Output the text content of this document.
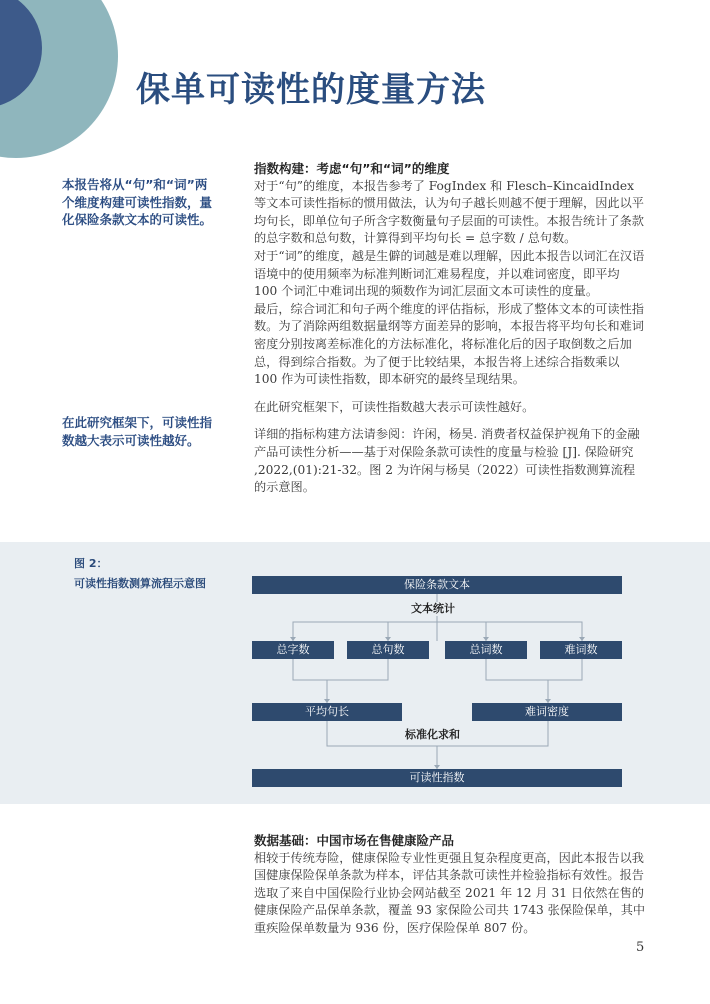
保单可读性的度量方法
本报告将从“句”和“词”两个维度构建可读性指数，量化保险条款文本的可读性。
在此研究框架下，可读性指数越大表示可读性越好。

指数构建：考虑“句”和“词”的维度

对于“句”的维度，本报告参考了 FogIndex 和 Flesch–KincaidIndex 等文本可读性指标的惯用做法，认为句子越长则越不便于理解，因此以平均句长，即单位句子所含字数衡量句子层面的可读性。本报告统计了条款的总字数和总句数，计算得到平均句长 = 总字数 / 总句数。

对于“词”的维度，越是生僻的词越是难以理解，因此本报告以词汇在汉语语境中的使用频率为标准判断词汇难易程度，并以难词密度，即平均 100 个词汇中难词出现的频数作为词汇层面文本可读性的度量。

最后，综合词汇和句子两个维度的评估指标，形成了整体文本的可读性指数。为了消除两组数据量纲等方面差异的影响，本报告将平均句长和难词密度分别按离差标准化的方法标准化，将标准化后的因子取倒数之后加总，得到综合指数。为了便于比较结果，本报告将上述综合指数乘以 100 作为可读性指数，即本研究的最终呈现结果。

在此研究框架下，可读性指数越大表示可读性越好。

详细的指标构建方法请参阅：许闲，杨昊. 消费者权益保护视角下的金融产品可读性分析——基于对保险条款可读性的度量与检验 [J]. 保险研究 ,2022,(01):21-32。图 2 为许闲与杨昊（2022）可读性指数测算流程的示意图。

图 2：
可读性指数测算流程示意图	保险条款文本
文本统计
总字数	总句数	总词数	难词数
平均句长	难词密度
标准化求和
可读性指数

数据基础：中国市场在售健康险产品

相较于传统寿险，健康保险专业性更强且复杂程度更高，因此本报告以我国健康保险保单条款为样本，评估其条款可读性并检验指标有效性。报告选取了来自中国保险行业协会网站截至 2021 年 12 月 31 日依然在售的健康保险产品保单条款，覆盖 93 家保险公司共 1743 张保险保单，其中重疾险保单数量为 936 份，医疗保险保单 807 份。

5
